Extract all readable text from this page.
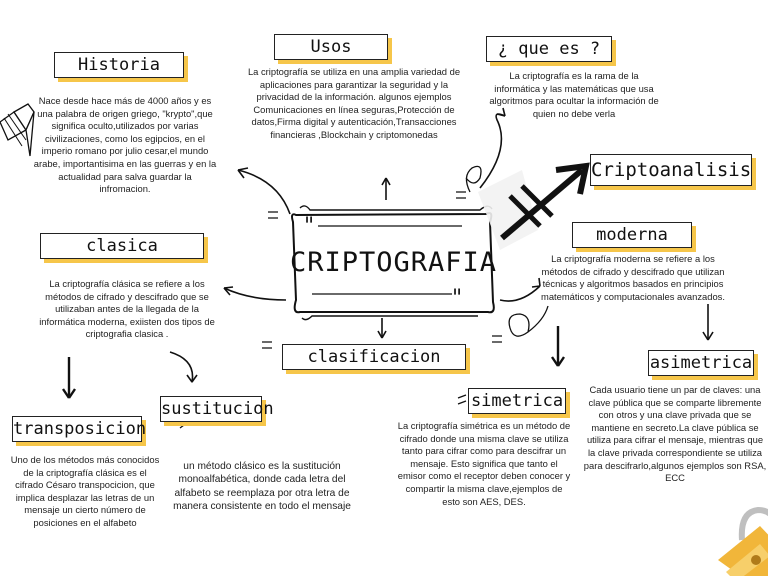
"
"
CRIPTOGRAFIA
Historia
Nace desde hace más de 4000 años y es una palabra de origen griego, "krypto",que significa oculto,utilizados por varias civilizaciones, como los egipcios, en el imperio romano por julio cesar,el mundo arabe, importantisima en las guerras y en la actualidad para salva guardar la infromacion.
Usos
La criptografía se utiliza en una amplia variedad de aplicaciones para garantizar la seguridad y la privacidad de la información. algunos ejemplos Comunicaciones en línea seguras,Protección de datos,Firma digital y autenticación,Transacciones financieras ,Blockchain y criptomonedas
¿ que es ?
La criptografía es la rama de la informática y las matemáticas que usa algoritmos para ocultar la información de quien no debe verla
Criptoanalisis
clasica
La criptografía clásica se refiere a los métodos de cifrado y descifrado que se utilizaban antes de la llegada de la informática moderna, exiisten dos tipos de criptografia clasica .
moderna
La criptografía moderna se refiere a los métodos de cifrado y descifrado que utilizan técnicas y algoritmos basados en principios matemáticos y computacionales avanzados.
clasificacion
sustitucion
un método clásico es la sustitución monoalfabética, donde cada letra del alfabeto se reemplaza por otra letra de manera consistente en todo el mensaje
transposicion
Uno de los métodos más conocidos de la criptografía clásica es el cifrado Césaro transpocicion, que implica desplazar las letras de un mensaje un cierto número de posiciones en el alfabeto
simetrica
La criptografía simétrica es un método de cifrado donde una misma clave se utiliza tanto para cifrar como para descifrar un mensaje. Esto significa que tanto el emisor como el receptor deben conocer y compartir la misma clave,ejemplos de esto son AES, DES.
asimetrica
Cada usuario tiene un par de claves: una clave pública que se comparte libremente con otros y una clave privada que se mantiene en secreto.La clave pública se utiliza para cifrar el mensaje, mientras que la clave privada correspondiente se utiliza para descifrarlo,algunos ejemplos son RSA, ECC
